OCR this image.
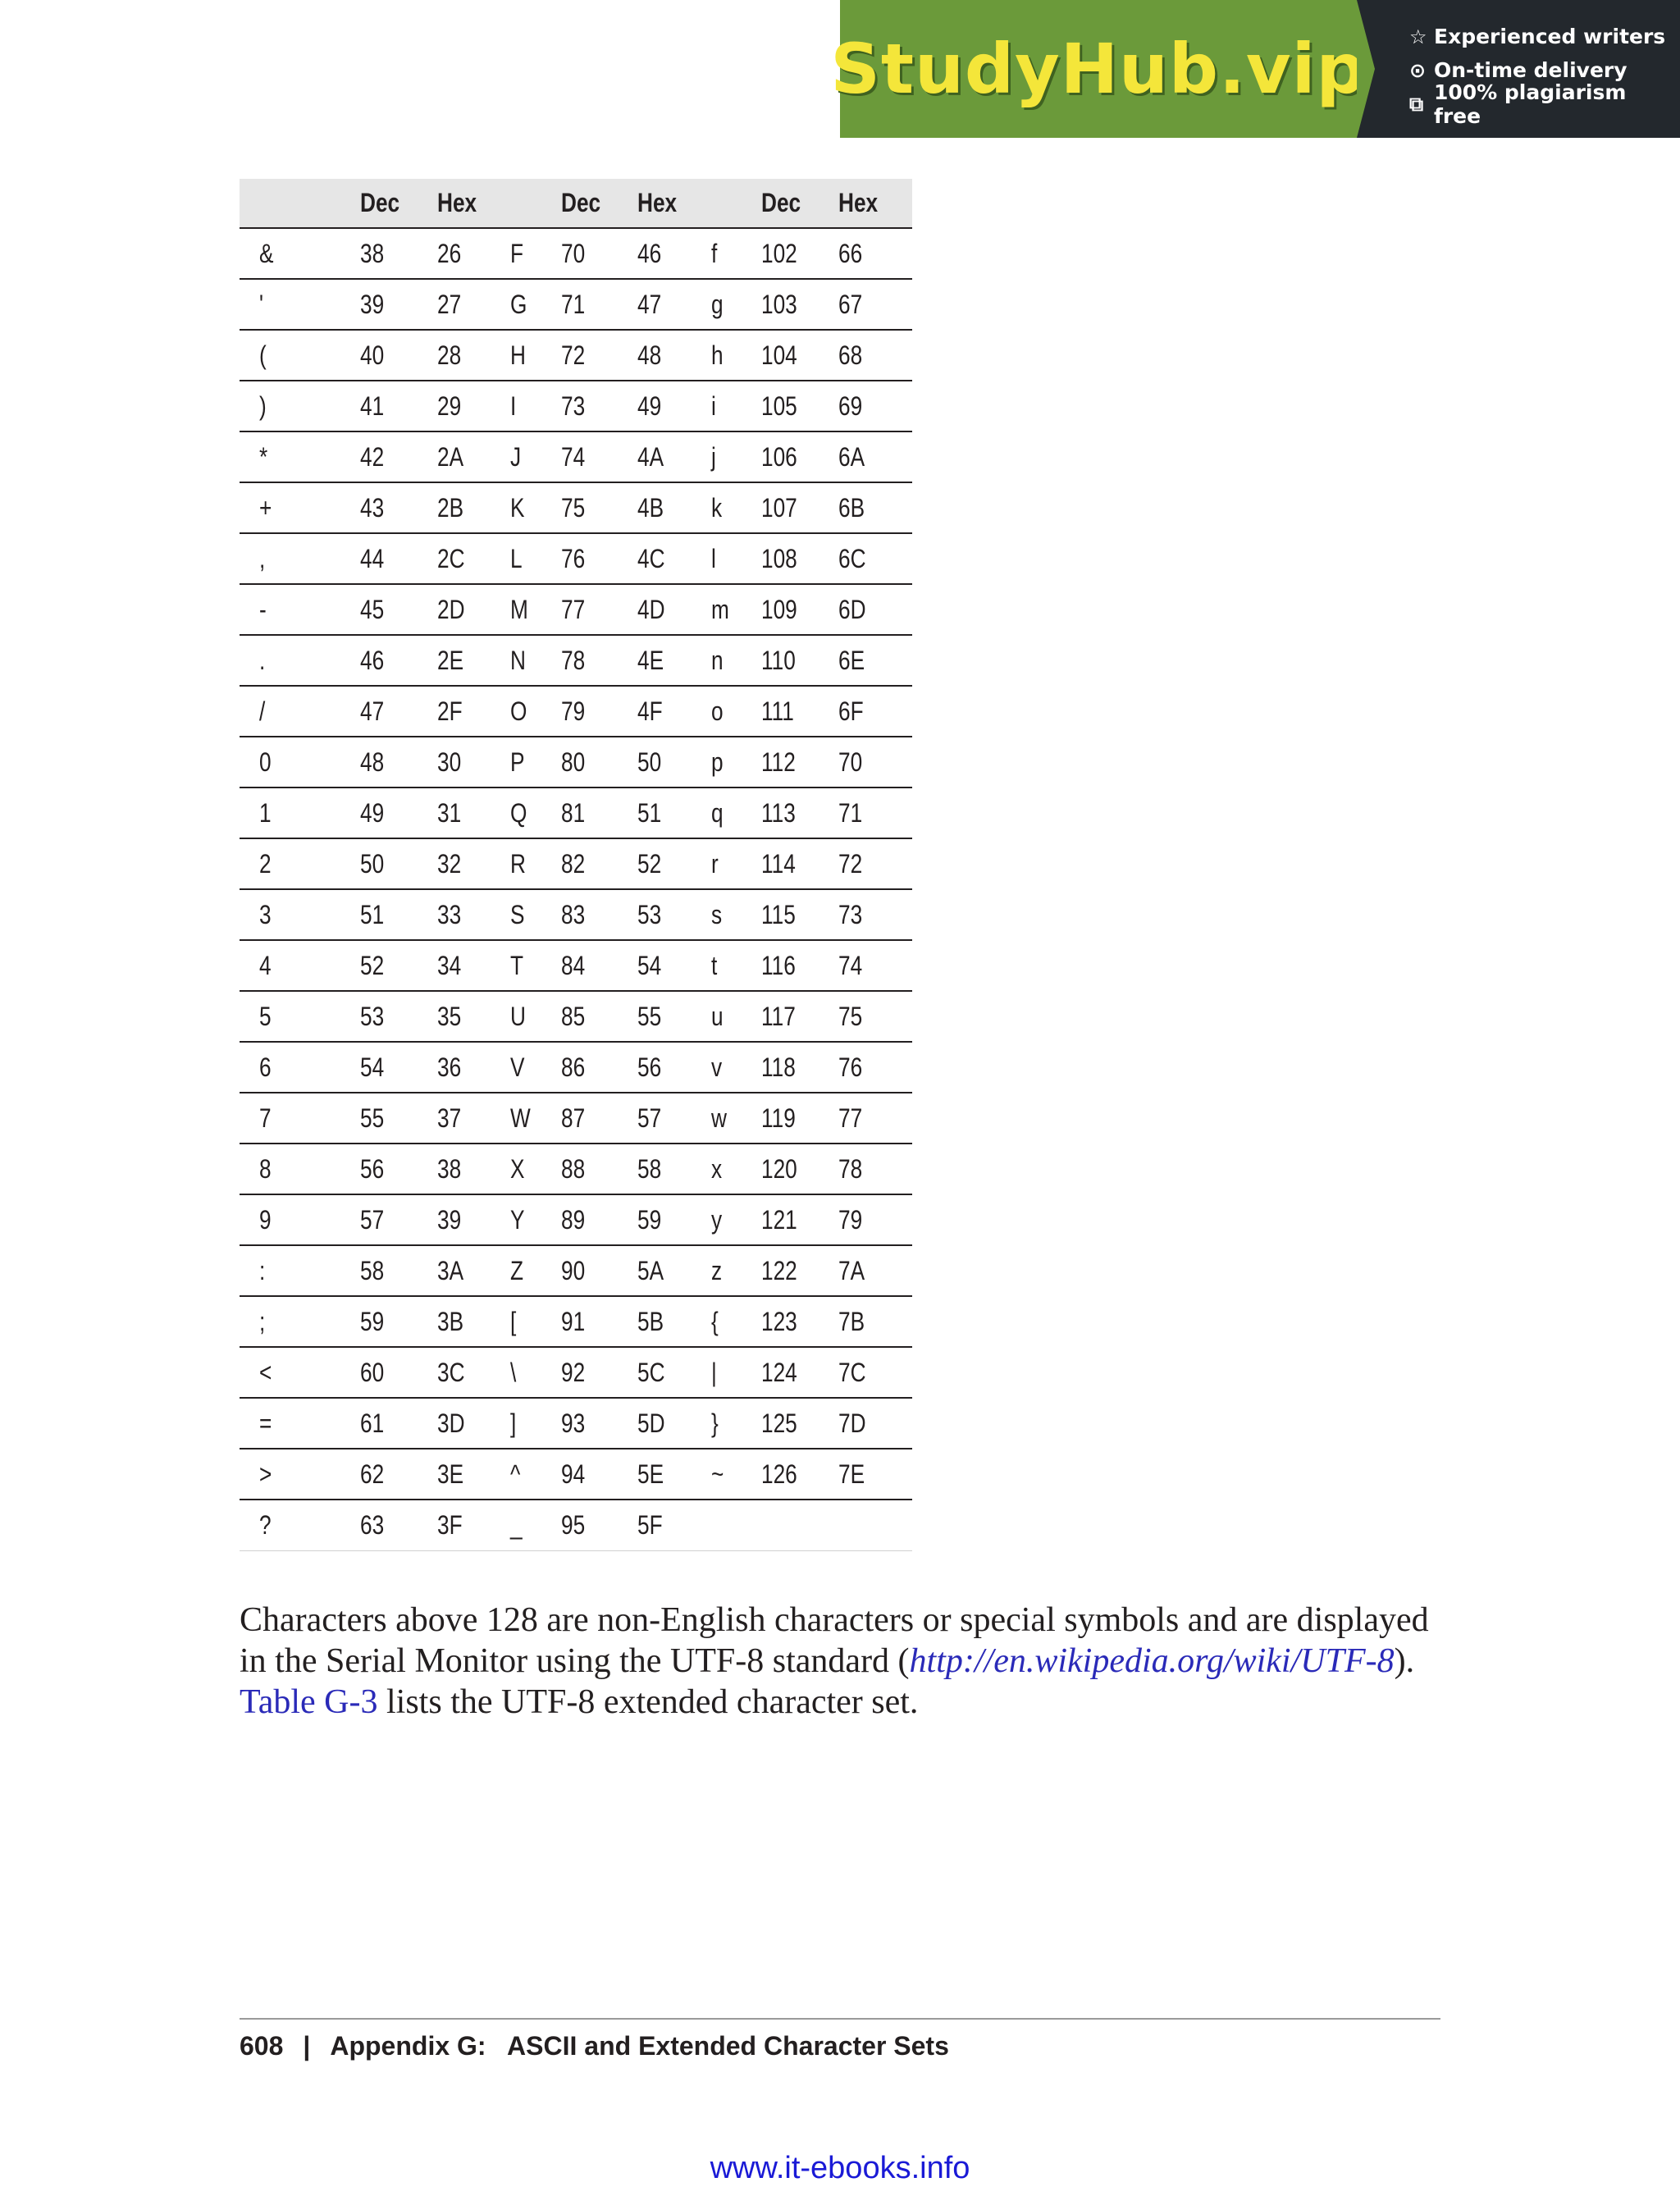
StudyHub.vip ☆ Experienced writers
⊙ On-time delivery
⧉ 100% plagiarism free
	Dec	Hex		Dec	Hex		Dec	Hex
&	38	26	F	70	46	f	102	66
'	39	27	G	71	47	g	103	67
(	40	28	H	72	48	h	104	68
)	41	29	I	73	49	i	105	69
*	42	2A	J	74	4A	j	106	6A
+	43	2B	K	75	4B	k	107	6B
,	44	2C	L	76	4C	l	108	6C
-	45	2D	M	77	4D	m	109	6D
.	46	2E	N	78	4E	n	110	6E
/	47	2F	O	79	4F	o	111	6F
0	48	30	P	80	50	p	112	70
1	49	31	Q	81	51	q	113	71
2	50	32	R	82	52	r	114	72
3	51	33	S	83	53	s	115	73
4	52	34	T	84	54	t	116	74
5	53	35	U	85	55	u	117	75
6	54	36	V	86	56	v	118	76
7	55	37	W	87	57	w	119	77
8	56	38	X	88	58	x	120	78
9	57	39	Y	89	59	y	121	79
:	58	3A	Z	90	5A	z	122	7A
;	59	3B	[	91	5B	{	123	7B
<	60	3C	\	92	5C	|	124	7C
=	61	3D	]	93	5D	}	125	7D
>	62	3E	^	94	5E	~	126	7E
?	63	3F	_	95	5F			
Characters above 128 are non-English characters or special symbols and are displayed in the Serial Monitor using the UTF-8 standard (http://en.wikipedia.org/wiki/UTF-8). Table G-3 lists the UTF-8 extended character set.
608 | Appendix G:   ASCII and Extended Character Sets
www.it-ebooks.info
